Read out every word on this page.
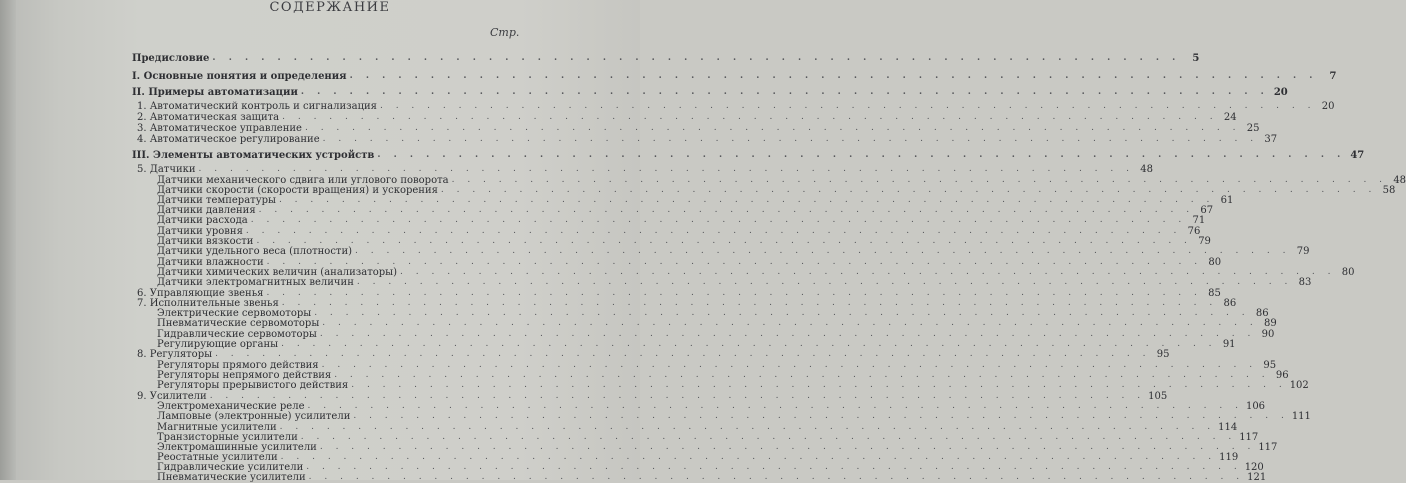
СОДЕРЖАНИЕ
Стр.
Предисловие . . . . . . . . . . . . . . . . . . . . . . . . . . . . . . . . . . . . . . . . . . . . . . . . . . . . . . . . . . . .	5
I. Основные понятия и определения . . . . . . . . . . . . . . . . . . . . . . . . . . . . . . . . . . . . . . . . . . . . . . . . . . . . . . . . . . . .	7
II. Примеры автоматизации . . . . . . . . . . . . . . . . . . . . . . . . . . . . . . . . . . . . . . . . . . . . . . . . . . . . . . . . . . . . 20
1. Автоматический контроль и сигнализация . . . . . . . . . . . . . . . . . . . . . . . . . . . . . . . . . . . . . . . . . . . . . . . . . . . . . . . . . . . . 20
2. Автоматическая защита . . . . . . . . . . . . . . . . . . . . . . . . . . . . . . . . . . . . . . . . . . . . . . . . . . . . . . . . . . . . 24
3. Автоматическое управление . . . . . . . . . . . . . . . . . . . . . . . . . . . . . . . . . . . . . . . . . . . . . . . . . . . . . . . . . . . . 25
4. Автоматическое регулирование . . . . . . . . . . . . . . . . . . . . . . . . . . . . . . . . . . . . . . . . . . . . . . . . . . . . . . . . . . . . 37
III. Элементы автоматических устройств . . . . . . . . . . . . . . . . . . . . . . . . . . . . . . . . . . . . . . . . . . . . . . . . . . . . . . . . . . . . 47
5. Датчики . . . . . . . . . . . . . . . . . . . . . . . . . . . . . . . . . . . . . . . . . . . . . . . . . . . . . . . . . . . . 48
Датчики механического сдвига или углового поворота . . . . . . . . . . . . . . . . . . . . . . . . . . . . . . . . . . . . . . . . . . . . . . . . . . . . . . . . . . . . 48
Датчики скорости (скорости вращения) и ускорения . . . . . . . . . . . . . . . . . . . . . . . . . . . . . . . . . . . . . . . . . . . . . . . . . . . . . . . . . . . . 58
Датчики температуры . . . . . . . . . . . . . . . . . . . . . . . . . . . . . . . . . . . . . . . . . . . . . . . . . . . . . . . . . . . . 61
Датчики давления . . . . . . . . . . . . . . . . . . . . . . . . . . . . . . . . . . . . . . . . . . . . . . . . . . . . . . . . . . . . 67
Датчики расхода . . . . . . . . . . . . . . . . . . . . . . . . . . . . . . . . . . . . . . . . . . . . . . . . . . . . . . . . . . . . 71
Датчики уровня . . . . . . . . . . . . . . . . . . . . . . . . . . . . . . . . . . . . . . . . . . . . . . . . . . . . . . . . . . . . 76
Датчики вязкости . . . . . . . . . . . . . . . . . . . . . . . . . . . . . . . . . . . . . . . . . . . . . . . . . . . . . . . . . . . . 79
Датчики удельного веса (плотности) . . . . . . . . . . . . . . . . . . . . . . . . . . . . . . . . . . . . . . . . . . . . . . . . . . . . . . . . . . . . 79
Датчики влажности . . . . . . . . . . . . . . . . . . . . . . . . . . . . . . . . . . . . . . . . . . . . . . . . . . . . . . . . . . . . 80
Датчики химических величин (анализаторы) . . . . . . . . . . . . . . . . . . . . . . . . . . . . . . . . . . . . . . . . . . . . . . . . . . . . . . . . . . . . 80
Датчики электромагнитных величин . . . . . . . . . . . . . . . . . . . . . . . . . . . . . . . . . . . . . . . . . . . . . . . . . . . . . . . . . . . . 83
6. Управляющие звенья . . . . . . . . . . . . . . . . . . . . . . . . . . . . . . . . . . . . . . . . . . . . . . . . . . . . . . . . . . . . 85
7. Исполнительные звенья . . . . . . . . . . . . . . . . . . . . . . . . . . . . . . . . . . . . . . . . . . . . . . . . . . . . . . . . . . . . 86
Электрические сервомоторы . . . . . . . . . . . . . . . . . . . . . . . . . . . . . . . . . . . . . . . . . . . . . . . . . . . . . . . . . . . . 86
Пневматические сервомоторы . . . . . . . . . . . . . . . . . . . . . . . . . . . . . . . . . . . . . . . . . . . . . . . . . . . . . . . . . . . . 89
Гидравлические сервомоторы . . . . . . . . . . . . . . . . . . . . . . . . . . . . . . . . . . . . . . . . . . . . . . . . . . . . . . . . . . . . 90
Регулирующие органы . . . . . . . . . . . . . . . . . . . . . . . . . . . . . . . . . . . . . . . . . . . . . . . . . . . . . . . . . . . . 91
8. Регуляторы . . . . . . . . . . . . . . . . . . . . . . . . . . . . . . . . . . . . . . . . . . . . . . . . . . . . . . . . . . . . 95
Регуляторы прямого действия . . . . . . . . . . . . . . . . . . . . . . . . . . . . . . . . . . . . . . . . . . . . . . . . . . . . . . . . . . . . 95
Регуляторы непрямого действия . . . . . . . . . . . . . . . . . . . . . . . . . . . . . . . . . . . . . . . . . . . . . . . . . . . . . . . . . . . . 96
Регуляторы прерывистого действия . . . . . . . . . . . . . . . . . . . . . . . . . . . . . . . . . . . . . . . . . . . . . . . . . . . . . . . . . . . . 102
9. Усилители . . . . . . . . . . . . . . . . . . . . . . . . . . . . . . . . . . . . . . . . . . . . . . . . . . . . . . . . . . . . 105
Электромеханические реле . . . . . . . . . . . . . . . . . . . . . . . . . . . . . . . . . . . . . . . . . . . . . . . . . . . . . . . . . . . . 106
Ламповые (электронные) усилители . . . . . . . . . . . . . . . . . . . . . . . . . . . . . . . . . . . . . . . . . . . . . . . . . . . . . . . . . . . . 111
Магнитные усилители . . . . . . . . . . . . . . . . . . . . . . . . . . . . . . . . . . . . . . . . . . . . . . . . . . . . . . . . . . . . 114
Транзисторные усилители . . . . . . . . . . . . . . . . . . . . . . . . . . . . . . . . . . . . . . . . . . . . . . . . . . . . . . . . . . . . 117
Электромашинные усилители . . . . . . . . . . . . . . . . . . . . . . . . . . . . . . . . . . . . . . . . . . . . . . . . . . . . . . . . . . . . 117
Реостатные усилители . . . . . . . . . . . . . . . . . . . . . . . . . . . . . . . . . . . . . . . . . . . . . . . . . . . . . . . . . . . . 119
Гидравлические усилители . . . . . . . . . . . . . . . . . . . . . . . . . . . . . . . . . . . . . . . . . . . . . . . . . . . . . . . . . . . . 120
Пневматические усилители . . . . . . . . . . . . . . . . . . . . . . . . . . . . . . . . . . . . . . . . . . . . . . . . . . . . . . . . . . . . 121
